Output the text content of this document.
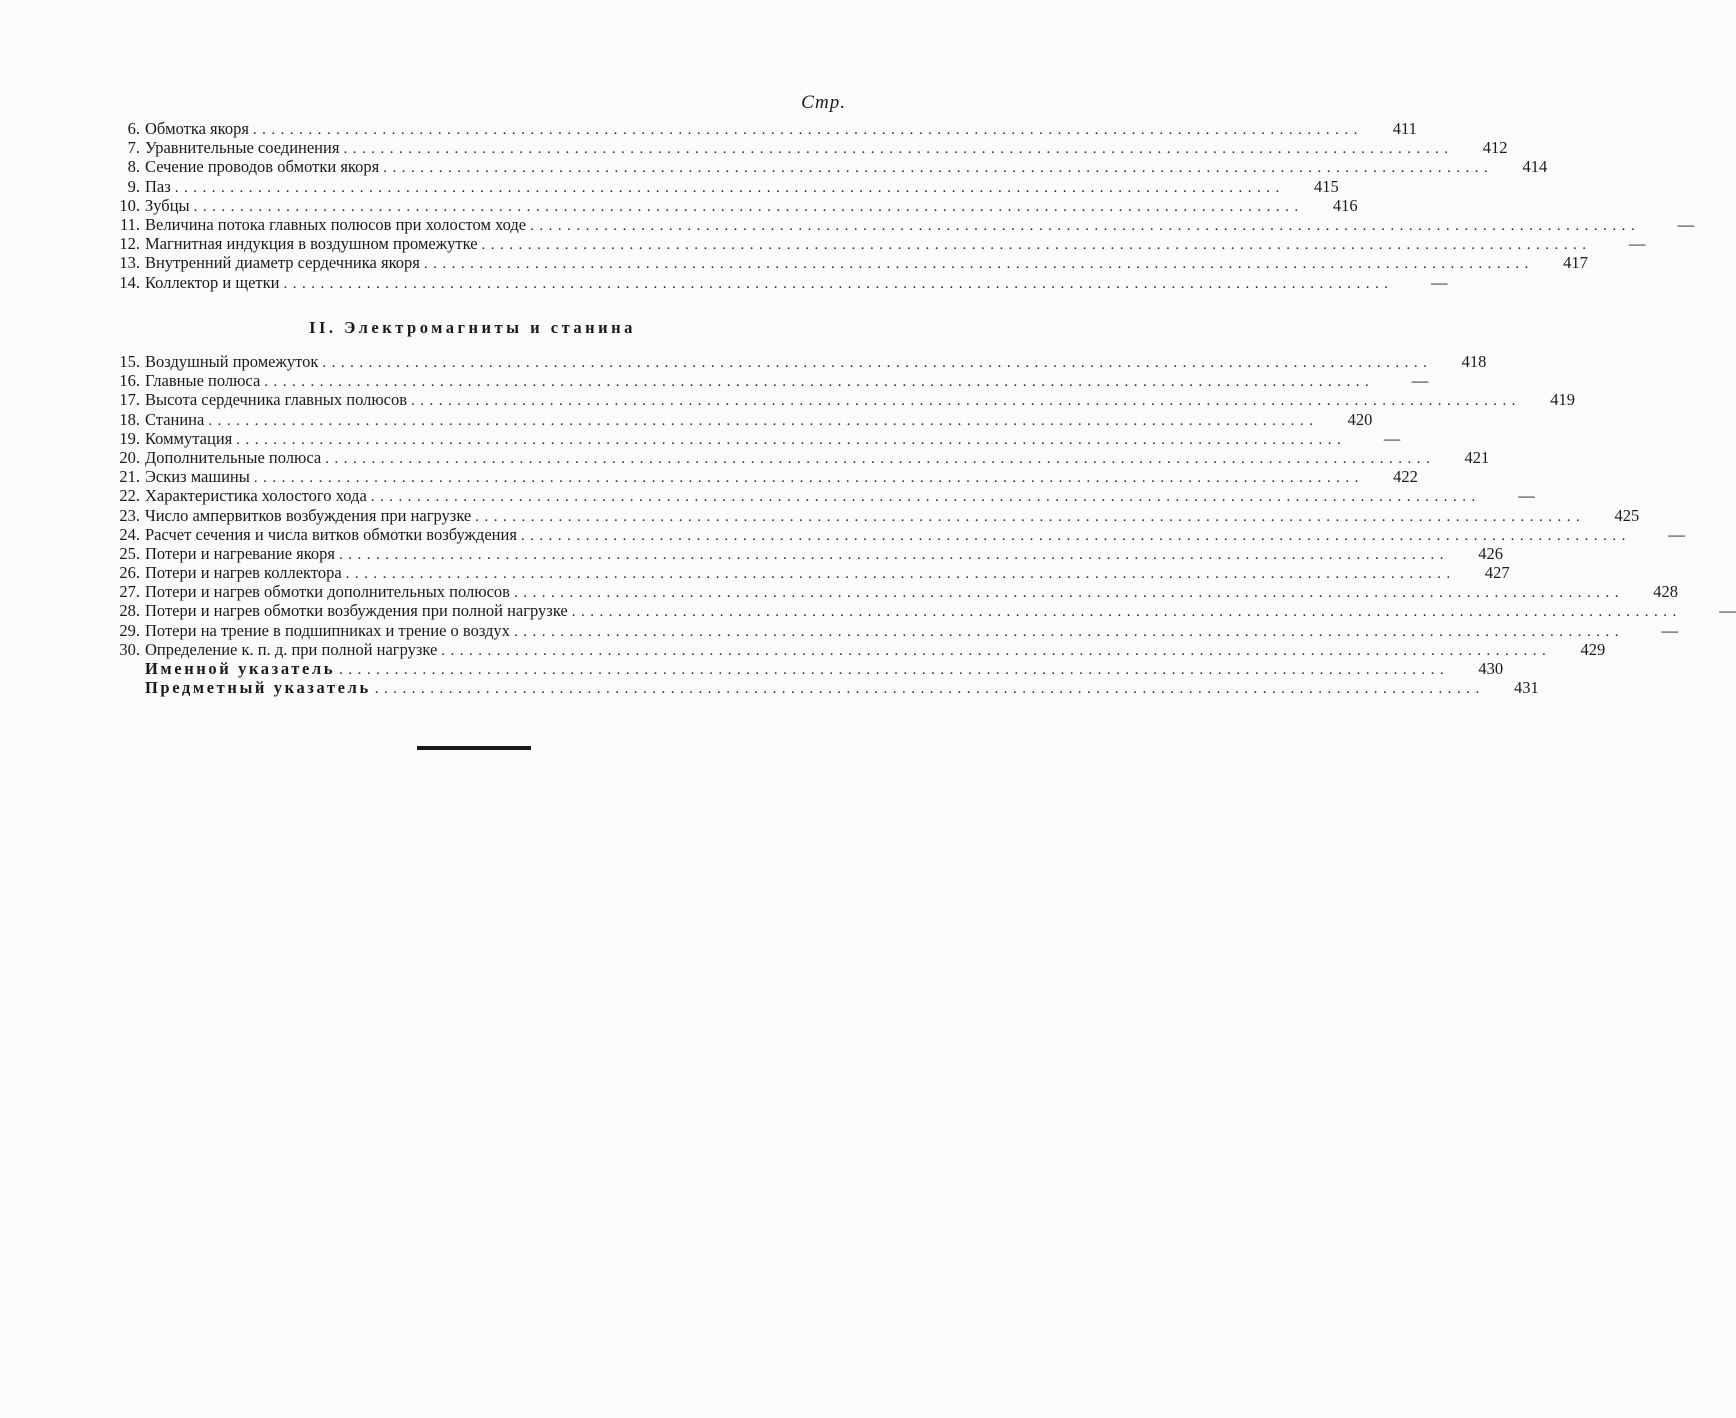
Стр.
6. Обмотка якоря ........................................................................................................................	411
7. Уравнительные соединения ........................................................................................................................	412
8. Сечение проводов обмотки якоря ........................................................................................................................	414
9. Паз ........................................................................................................................	415
10. Зубцы ........................................................................................................................	416
11. Величина потока главных полюсов при холостом ходе ........................................................................................................................	—
12. Магнитная индукция в воздушном промежутке ........................................................................................................................	—
13. Внутренний диаметр сердечника якоря ........................................................................................................................	417
14. Коллектор и щетки ........................................................................................................................	—
II. Электромагниты и станина
15. Воздушный промежуток ........................................................................................................................	418
16. Главные полюса ........................................................................................................................	—
17. Высота сердечника главных полюсов ........................................................................................................................	419
18. Станина ........................................................................................................................	420
19. Коммутация ........................................................................................................................	—
20. Дополнительные полюса ........................................................................................................................	421
21. Эскиз машины ........................................................................................................................	422
22. Характеристика холостого хода ........................................................................................................................	—
23. Число ампервитков возбуждения при нагрузке ........................................................................................................................	425
24. Расчет сечения и числа витков обмотки возбуждения ........................................................................................................................	—
25. Потери и нагревание якоря ........................................................................................................................	426
26. Потери и нагрев коллектора ........................................................................................................................	427
27. Потери и нагрев обмотки дополнительных полюсов ........................................................................................................................	428
28. Потери и нагрев обмотки возбуждения при полной нагрузке ........................................................................................................................	—
29. Потери на трение в подшипниках и трение о воздух ........................................................................................................................	—
30. Определение к. п. д. при полной нагрузке ........................................................................................................................	429
Именной указатель ........................................................................................................................	430
Предметный указатель ........................................................................................................................	431
